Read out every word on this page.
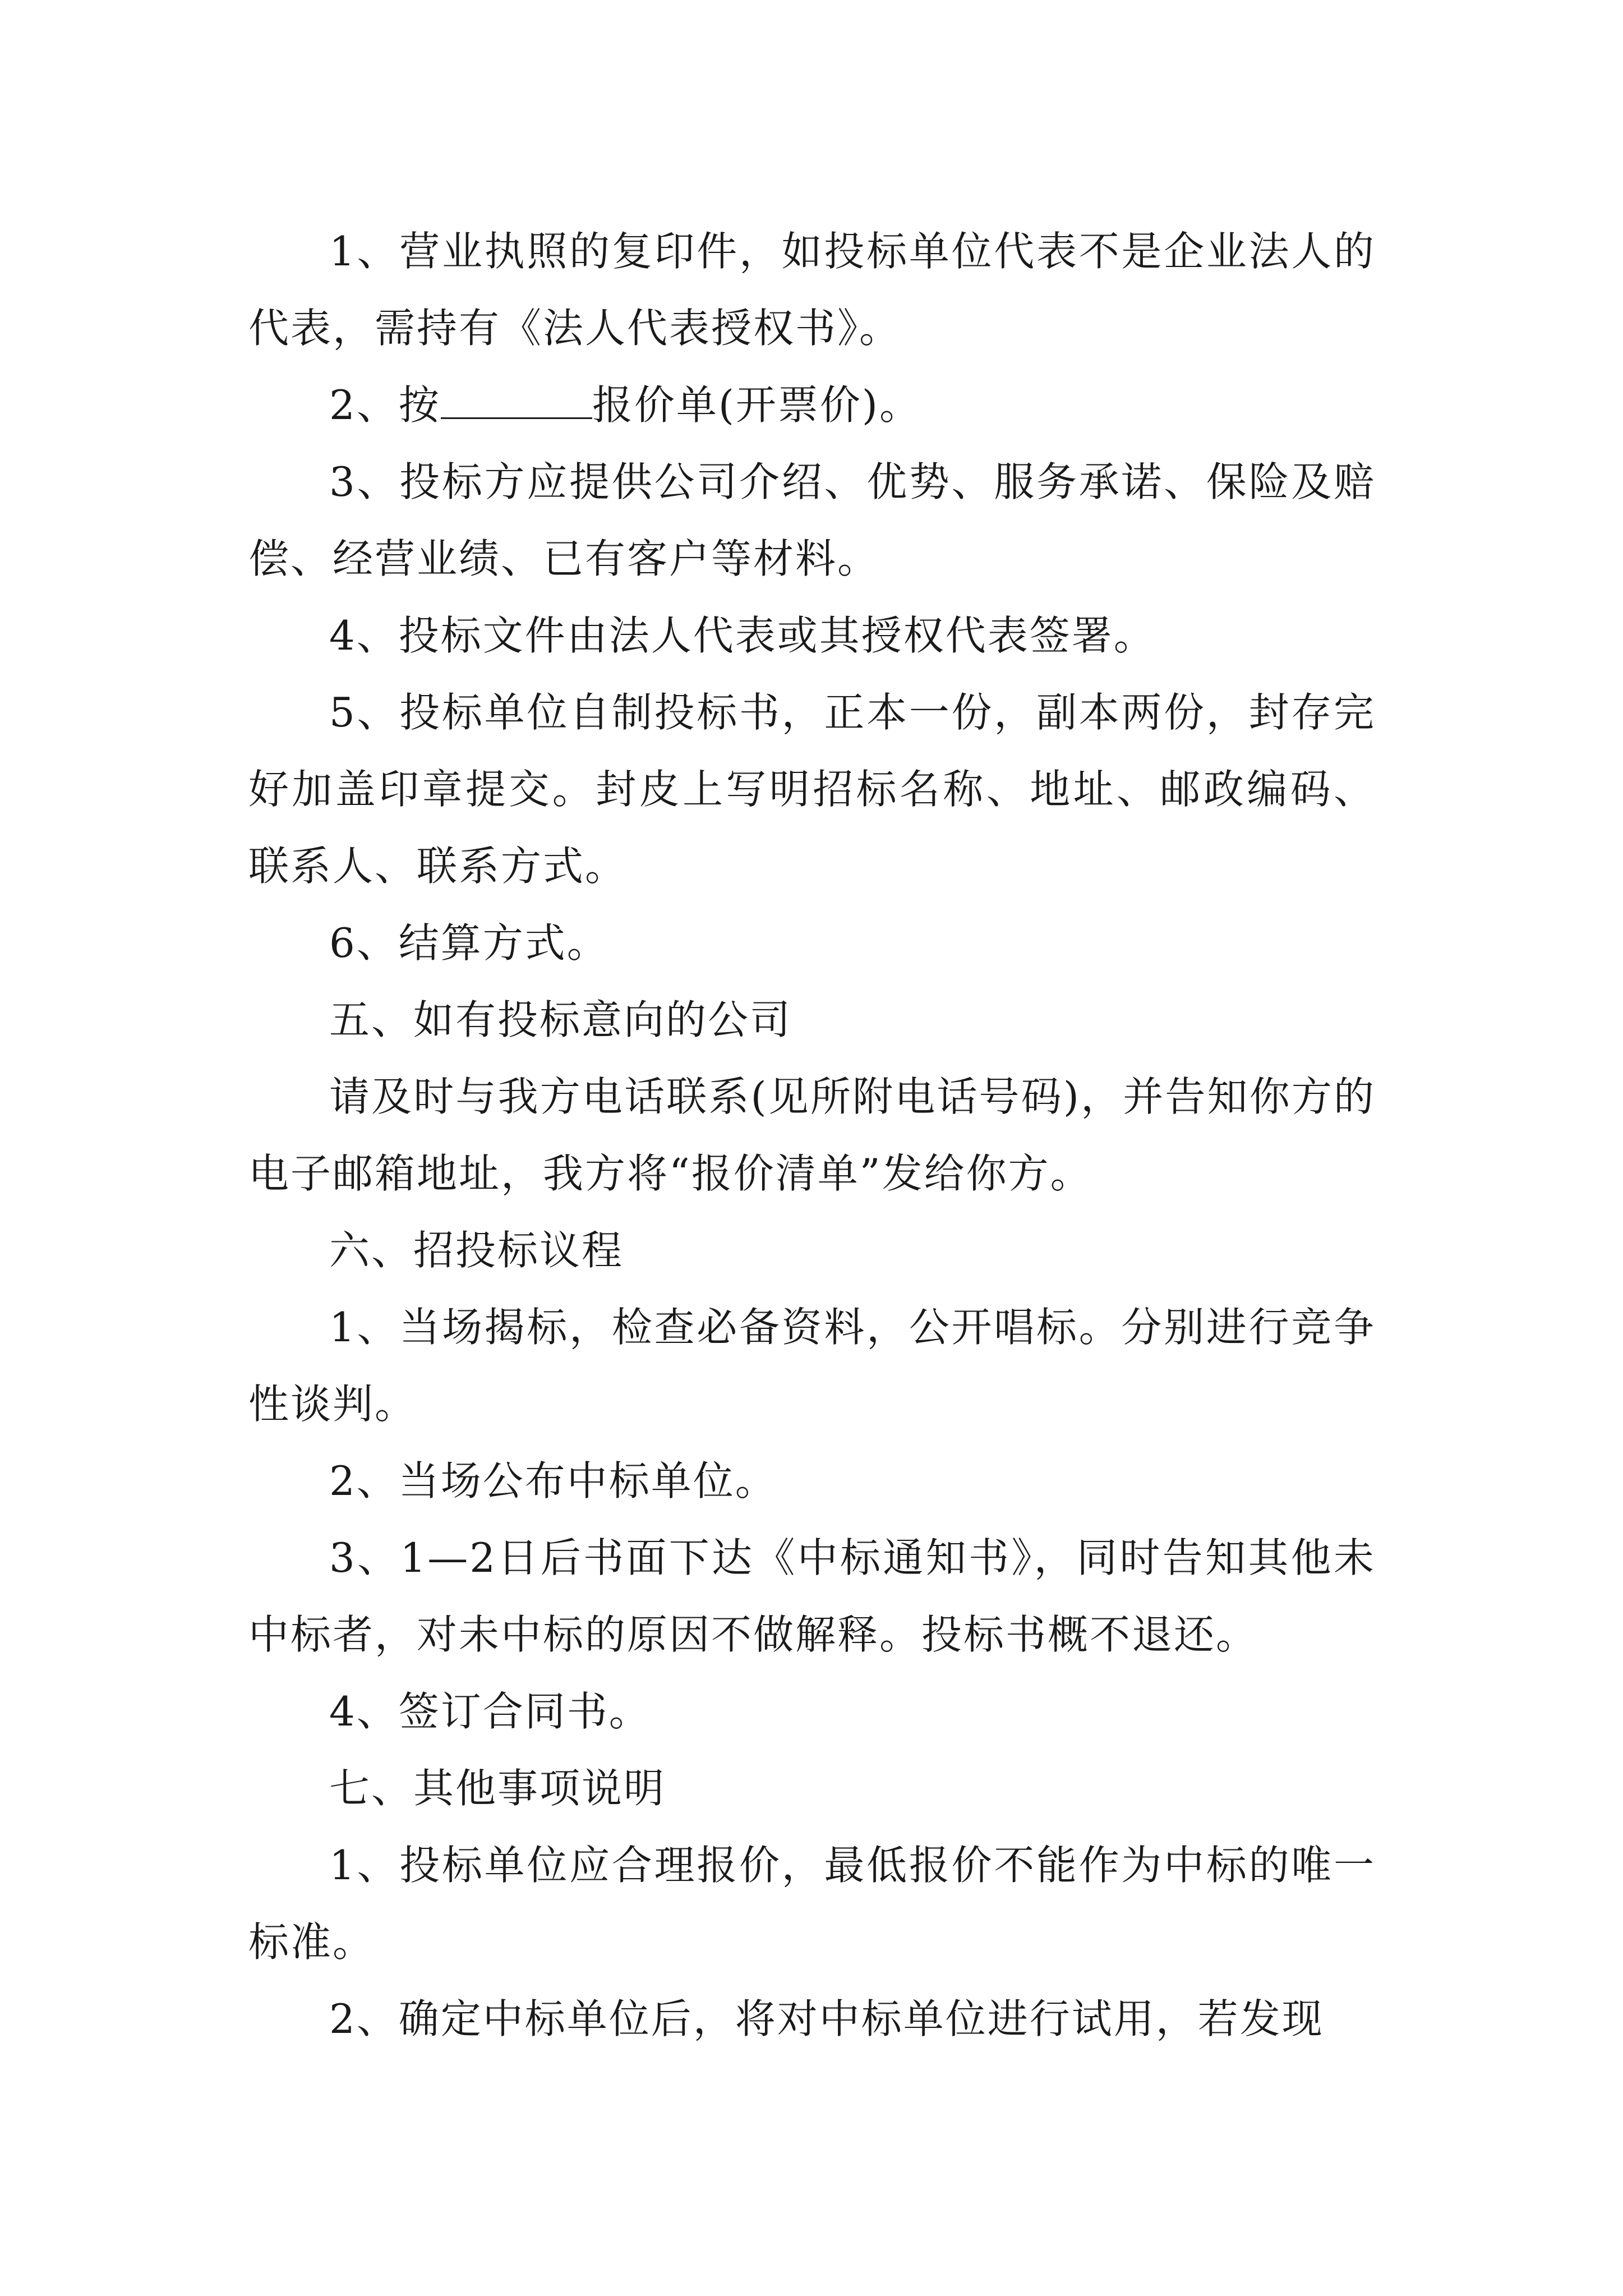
1、营业执照的复印件，如投标单位代表不是企业法人的代表，需持有《法人代表授权书》。

2、按	报价单(开票价)。

3、投标方应提供公司介绍、优势、服务承诺、保险及赔偿、经营业绩、已有客户等材料。

4、投标文件由法人代表或其授权代表签署。

5、投标单位自制投标书，正本一份，副本两份，封存完好加盖印章提交。封皮上写明招标名称、地址、邮政编码、联系人、联系方式。

6、结算方式。

五、如有投标意向的公司

请及时与我方电话联系(见所附电话号码)，并告知你方的电子邮箱地址，我方将“报价清单”发给你方。

六、招投标议程

1、当场揭标，检查必备资料，公开唱标。分别进行竞争性谈判。

2、当场公布中标单位。

3、1—2日后书面下达《中标通知书》，同时告知其他未中标者，对未中标的原因不做解释。投标书概不退还。

4、签订合同书。

七、其他事项说明

1、投标单位应合理报价，最低报价不能作为中标的唯一标准。

2、确定中标单位后，将对中标单位进行试用，若发现
